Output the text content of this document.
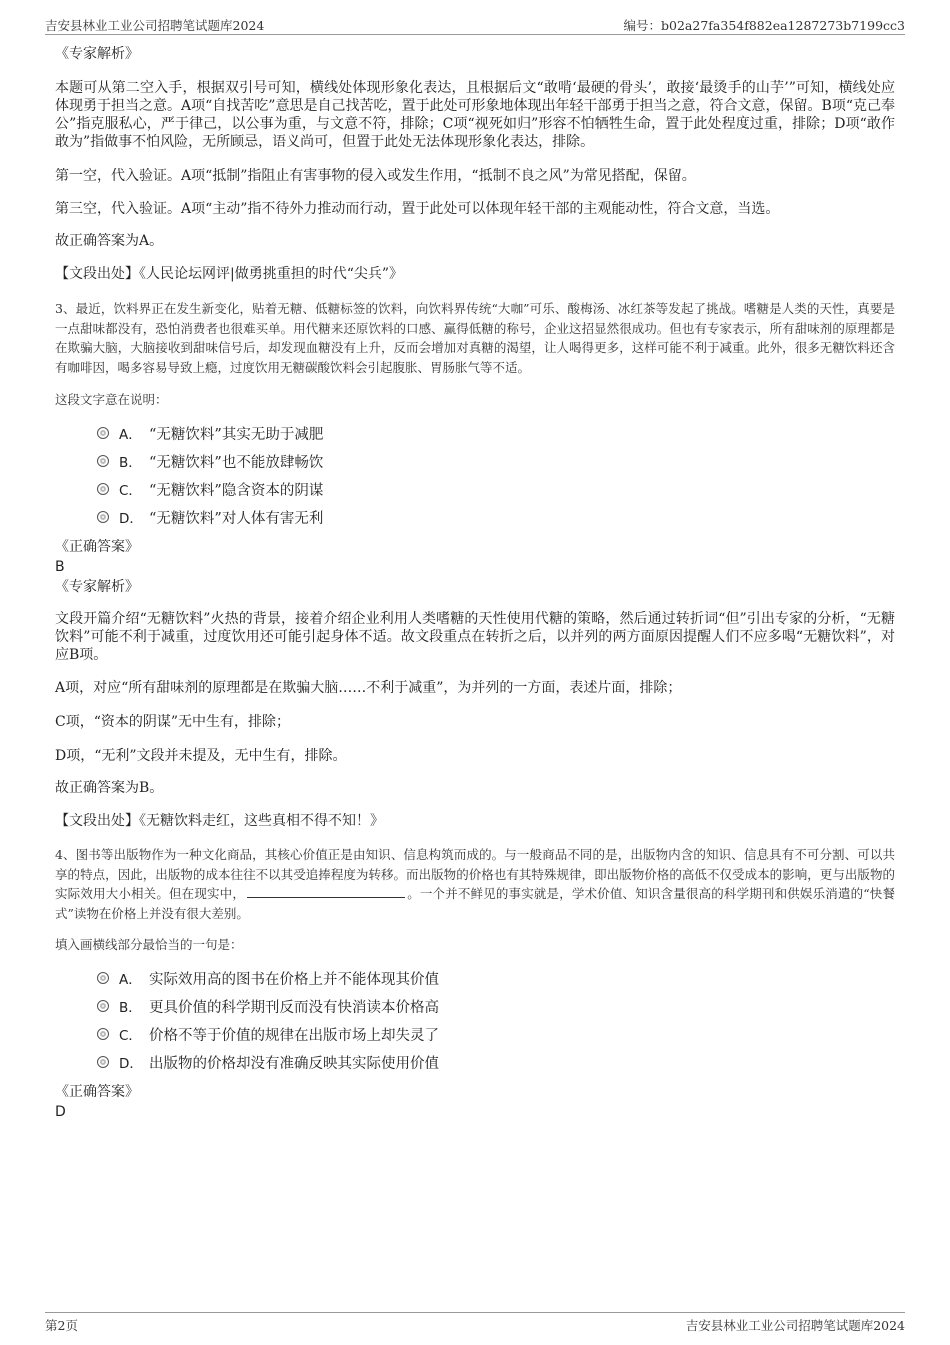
吉安县林业工业公司招聘笔试题库2024	编号：b02a27fa354f882ea1287273b7199cc3

《专家解析》

本题可从第二空入手，根据双引号可知，横线处体现形象化表达，且根据后文“敢啃‘最硬的骨头’，敢接‘最烫手的山芋’”可知，横线处应体现勇于担当之意。A项“自找苦吃”意思是自己找苦吃，置于此处可形象地体现出年轻干部勇于担当之意，符合文意，保留。B项“克己奉公”指克服私心，严于律己，以公事为重，与文意不符，排除；C项“视死如归”形容不怕牺牲生命，置于此处程度过重，排除；D项“敢作敢为”指做事不怕风险，无所顾忌，语义尚可，但置于此处无法体现形象化表达，排除。

第一空，代入验证。A项“抵制”指阻止有害事物的侵入或发生作用，“抵制不良之风”为常见搭配，保留。

第三空，代入验证。A项“主动”指不待外力推动而行动，置于此处可以体现年轻干部的主观能动性，符合文意，当选。

故正确答案为A。

【文段出处】《人民论坛网评|做勇挑重担的时代“尖兵”》

3、最近，饮料界正在发生新变化，贴着无糖、低糖标签的饮料，向饮料界传统“大咖”可乐、酸梅汤、冰红茶等发起了挑战。嗜糖是人类的天性，真要是一点甜味都没有，恐怕消费者也很难买单。用代糖来还原饮料的口感、赢得低糖的称号，企业这招显然很成功。但也有专家表示，所有甜味剂的原理都是在欺骗大脑，大脑接收到甜味信号后，却发现血糖没有上升，反而会增加对真糖的渴望，让人喝得更多，这样可能不利于减重。此外，很多无糖饮料还含有咖啡因，喝多容易导致上瘾，过度饮用无糖碳酸饮料会引起腹胀、胃肠胀气等不适。

这段文字意在说明：

A． “无糖饮料”其实无助于减肥
B． “无糖饮料”也不能放肆畅饮
C． “无糖饮料”隐含资本的阴谋
D． “无糖饮料”对人体有害无利

《正确答案》

B

《专家解析》

文段开篇介绍“无糖饮料”火热的背景，接着介绍企业利用人类嗜糖的天性使用代糖的策略，然后通过转折词“但”引出专家的分析，“无糖饮料”可能不利于减重，过度饮用还可能引起身体不适。故文段重点在转折之后，以并列的两方面原因提醒人们不应多喝“无糖饮料”，对应B项。

A项，对应“所有甜味剂的原理都是在欺骗大脑……不利于减重”，为并列的一方面，表述片面，排除；

C项，“资本的阴谋”无中生有，排除；

D项，“无利”文段并未提及，无中生有，排除。

故正确答案为B。

【文段出处】《无糖饮料走红，这些真相不得不知！》

4、图书等出版物作为一种文化商品，其核心价值正是由知识、信息构筑而成的。与一般商品不同的是，出版物内含的知识、信息具有不可分割、可以共享的特点，因此，出版物的成本往往不以其受追捧程度为转移。而出版物的价格也有其特殊规律，即出版物价格的高低不仅受成本的影响，更与出版物的实际效用大小相关。但在现实中，	。一个并不鲜见的事实就是，学术价值、知识含量很高的科学期刊和供娱乐消遣的“快餐式”读物在价格上并没有很大差别。

填入画横线部分最恰当的一句是：

A． 实际效用高的图书在价格上并不能体现其价值
B． 更具价值的科学期刊反而没有快消读本价格高
C． 价格不等于价值的规律在出版市场上却失灵了
D． 出版物的价格却没有准确反映其实际使用价值

《正确答案》

D

第2页	吉安县林业工业公司招聘笔试题库2024
